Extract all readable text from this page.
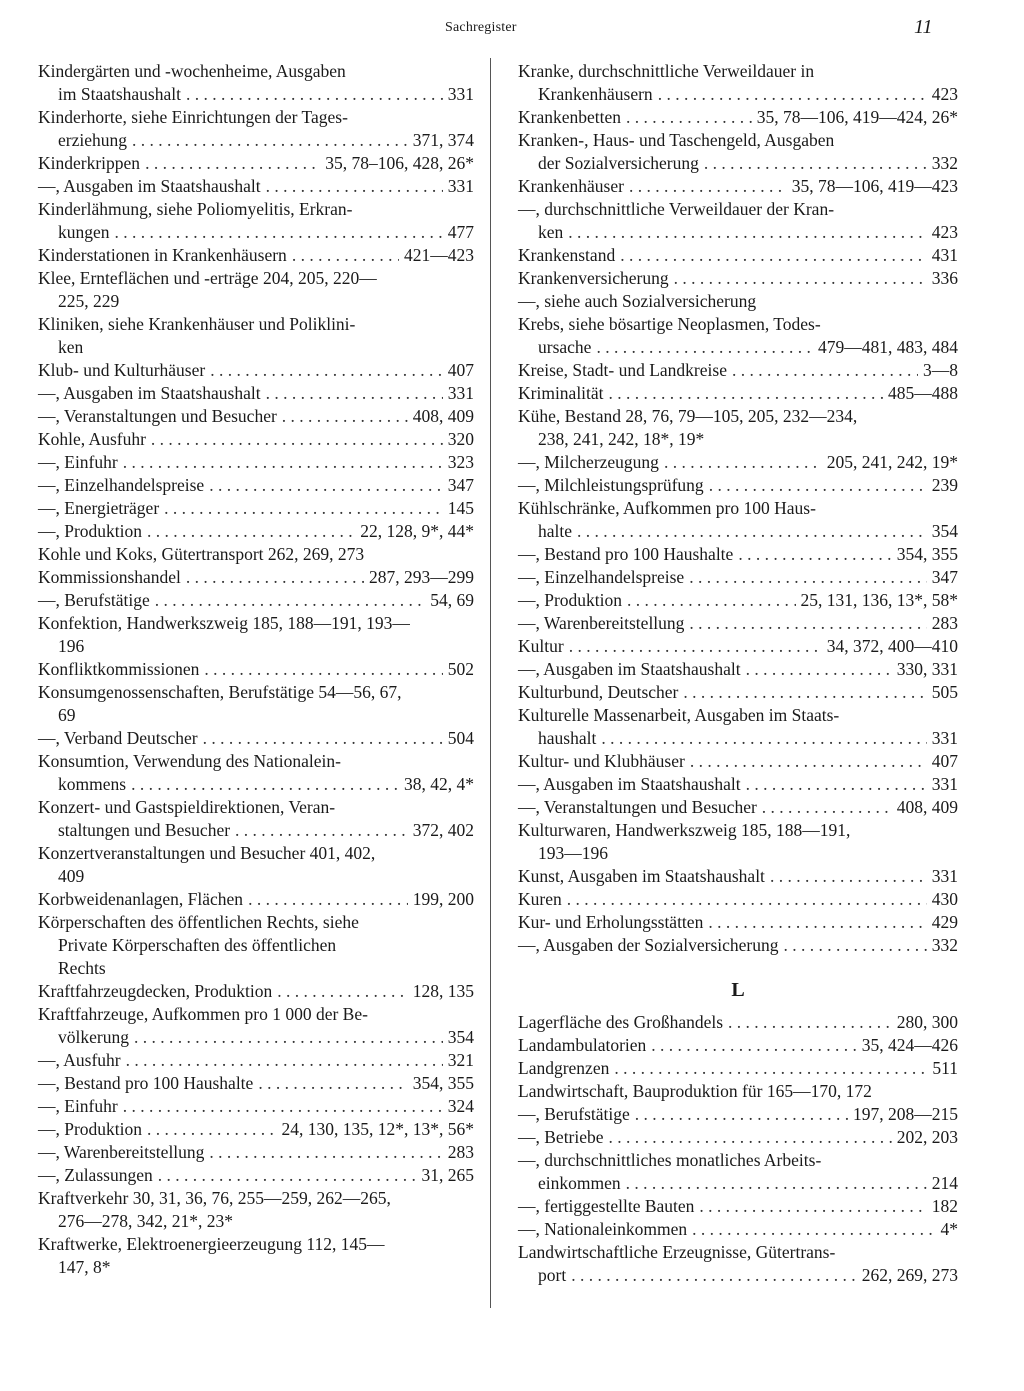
Sachregister	11
Kindergärten und -wochenheime, Ausgaben
im Staatshaushalt . . .	331
Kinderhorte, siehe Einrichtungen der Tages-
erziehung . . .	371, 374
Kinderkrippen . . .	35, 78–106, 428, 26*
—, Ausgaben im Staatshaushalt . . .	331
Kinderlähmung, siehe Poliomyelitis, Erkran-
kungen . . .	477
Kinderstationen in Krankenhäusern . . .	421—423
Klee, Ernteflächen und -erträge 204, 205, 220—
225, 229
Kliniken, siehe Krankenhäuser und Poliklini-
ken
Klub- und Kulturhäuser . . .	407
—, Ausgaben im Staatshaushalt . . .	331
—, Veranstaltungen und Besucher . . .	408, 409
Kohle, Ausfuhr . . .	320
—, Einfuhr . . .	323
—, Einzelhandelspreise . . .	347
—, Energieträger . . .	145
—, Produktion . . .	22, 128, 9*, 44*
Kohle und Koks, Gütertransport 262, 269, 273
Kommissionshandel . . .	287, 293—299
—, Berufstätige . . .	54, 69
Konfektion, Handwerkszweig 185, 188—191, 193—
196
Konfliktkommissionen . . .	502
Konsumgenossenschaften, Berufstätige 54—56, 67,
69
—, Verband Deutscher . . .	504
Konsumtion, Verwendung des Nationalein-
kommens . . .	38, 42, 4*
Konzert- und Gastspieldirektionen, Veran-
staltungen und Besucher . . .	372, 402
Konzertveranstaltungen und Besucher 401, 402,
409
Korbweidenanlagen, Flächen . . .	199, 200
Körperschaften des öffentlichen Rechts, siehe
Private Körperschaften des öffentlichen
Rechts
Kraftfahrzeugdecken, Produktion . . .	128, 135
Kraftfahrzeuge, Aufkommen pro 1 000 der Be-
völkerung . . .	354
—, Ausfuhr . . .	321
—, Bestand pro 100 Haushalte . . .	354, 355
—, Einfuhr . . .	324
—, Produktion . . .	24, 130, 135, 12*, 13*, 56*
—, Warenbereitstellung . . .	283
—, Zulassungen . . .	31, 265
Kraftverkehr 30, 31, 36, 76, 255—259, 262—265,
276—278, 342, 21*, 23*
Kraftwerke, Elektroenergieerzeugung 112, 145—
147, 8*
Kranke, durchschnittliche Verweildauer in
Krankenhäusern . . .	423
Krankenbetten . . .	35, 78—106, 419—424, 26*
Kranken-, Haus- und Taschengeld, Ausgaben
der Sozialversicherung . . .	332
Krankenhäuser . . .	35, 78—106, 419—423
—, durchschnittliche Verweildauer der Kran-
ken . . .	423
Krankenstand . . .	431
Krankenversicherung . . .	336
—, siehe auch Sozialversicherung
Krebs, siehe bösartige Neoplasmen, Todes-
ursache . . .	479—481, 483, 484
Kreise, Stadt- und Landkreise . . .	3—8
Kriminalität . . .	485—488
Kühe, Bestand 28, 76, 79—105, 205, 232—234,
238, 241, 242, 18*, 19*
—, Milcherzeugung . . .	205, 241, 242, 19*
—, Milchleistungsprüfung . . .	239
Kühlschränke, Aufkommen pro 100 Haus-
halte . . .	354
—, Bestand pro 100 Haushalte . . .	354, 355
—, Einzelhandelspreise . . .	347
—, Produktion . . .	25, 131, 136, 13*, 58*
—, Warenbereitstellung . . .	283
Kultur . . .	34, 372, 400—410
—, Ausgaben im Staatshaushalt . . .	330, 331
Kulturbund, Deutscher . . .	505
Kulturelle Massenarbeit, Ausgaben im Staats-
haushalt . . .	331
Kultur- und Klubhäuser . . .	407
—, Ausgaben im Staatshaushalt . . .	331
—, Veranstaltungen und Besucher . . .	408, 409
Kulturwaren, Handwerkszweig 185, 188—191,
193—196
Kunst, Ausgaben im Staatshaushalt . . .	331
Kuren . . .	430
Kur- und Erholungsstätten . . .	429
—, Ausgaben der Sozialversicherung . . .	332
L
Lagerfläche des Großhandels . . .	280, 300
Landambulatorien . . .	35, 424—426
Landgrenzen . . .	511
Landwirtschaft, Bauproduktion für 165—170, 172
—, Berufstätige . . .	197, 208—215
—, Betriebe . . .	202, 203
—, durchschnittliches monatliches Arbeits-
einkommen . . .	214
—, fertiggestellte Bauten . . .	182
—, Nationaleinkommen . . .	4*
Landwirtschaftliche Erzeugnisse, Gütertrans-
port . . .	262, 269, 273
